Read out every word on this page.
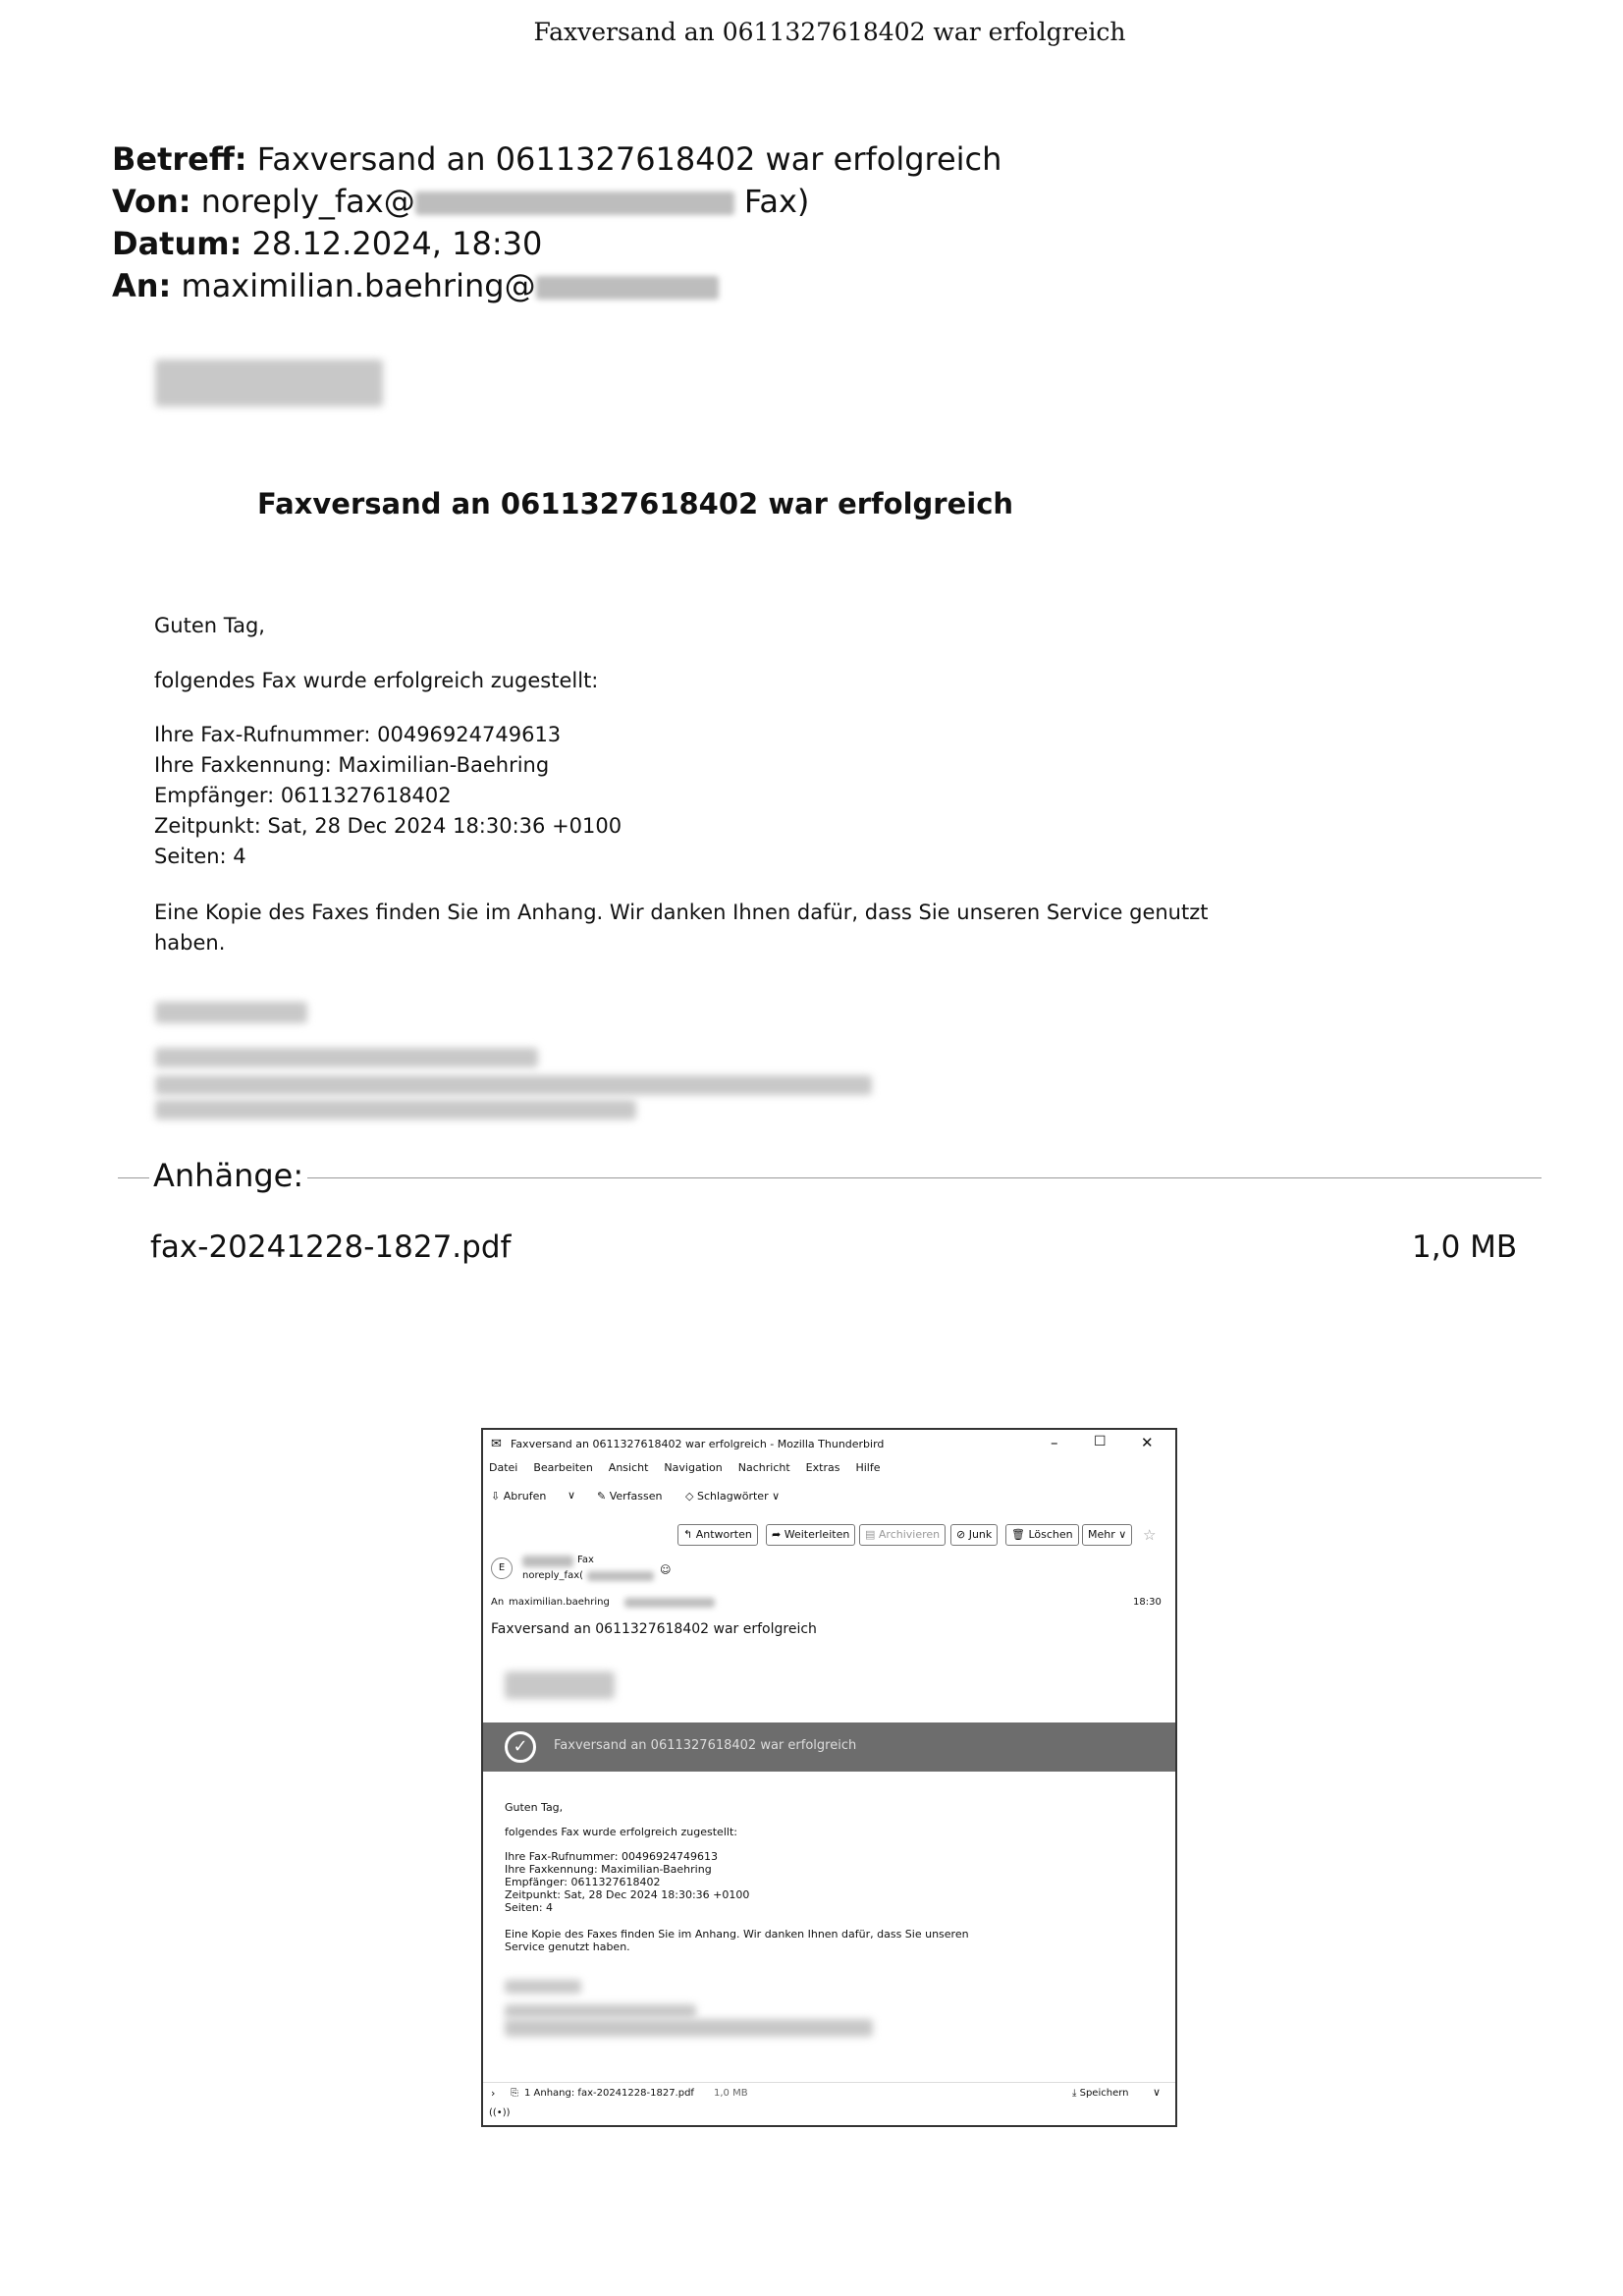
Faxversand an 0611327618402 war erfolgreich
Betreff: Faxversand an 0611327618402 war erfolgreich
Von: noreply_fax@	Fax)
Datum: 28.12.2024, 18:30
An: maximilian.baehring@
Faxversand an 0611327618402 war erfolgreich
Guten Tag,
folgendes Fax wurde erfolgreich zugestellt:
Ihre Fax-Rufnummer: 00496924749613
Ihre Faxkennung: Maximilian-Baehring
Empfänger: 0611327618402
Zeitpunkt: Sat, 28 Dec 2024 18:30:36 +0100
Seiten: 4
Eine Kopie des Faxes finden Sie im Anhang. Wir danken Ihnen dafür, dass Sie unseren Service genutzt
haben.
Anhänge:
fax-20241228-1827.pdf	1,0 MB
✉ Faxversand an 0611327618402 war erfolgreich - Mozilla Thunderbird	–	☐ ✕
Datei Bearbeiten Ansicht Navigation Nachricht Extras Hilfe
⇩ Abrufen ∨ ✎ Verfassen ◇ Schlagwörter ∨
↰ Antworten	➦ Weiterleiten	▤ Archivieren	⊘ Junk	🗑 Löschen	Mehr ∨	☆
E
Fax
noreply_fax(	☺
An maximilian.baehring	18:30
Faxversand an 0611327618402 war erfolgreich
✓	Faxversand an 0611327618402 war erfolgreich
Guten Tag,
folgendes Fax wurde erfolgreich zugestellt:
Ihre Fax-Rufnummer: 00496924749613
Ihre Faxkennung: Maximilian-Baehring
Empfänger: 0611327618402
Zeitpunkt: Sat, 28 Dec 2024 18:30:36 +0100
Seiten: 4
Eine Kopie des Faxes finden Sie im Anhang. Wir danken Ihnen dafür, dass Sie unseren
Service genutzt haben.
› ⎘ 1 Anhang: fax-20241228-1827.pdf 1,0 MB	⤓ Speichern ∨
((•))
